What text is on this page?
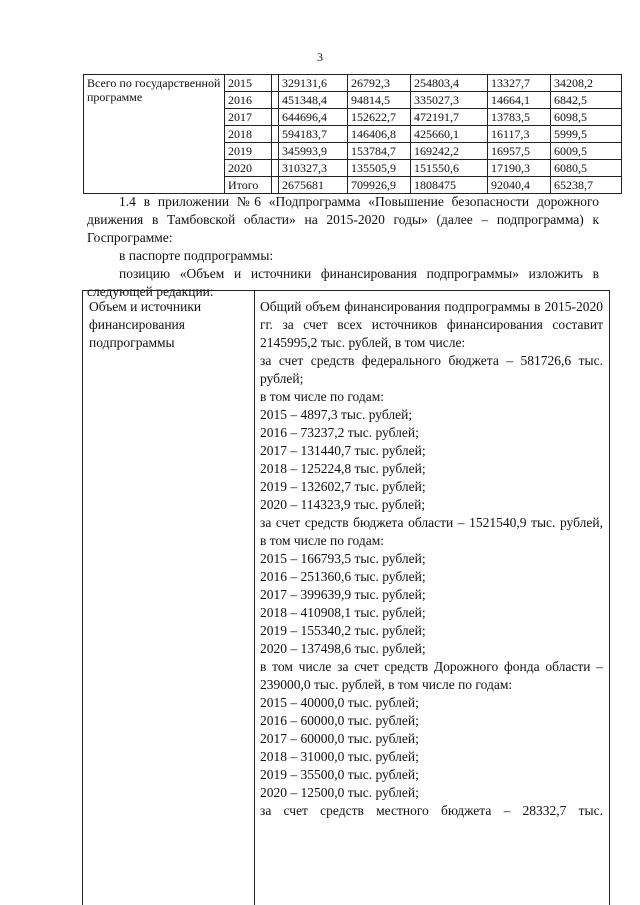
3
Всего по государственной программе	2015		329131,6	26792,3	254803,4	13327,7	34208,2
	2016		451348,4	94814,5	335027,3	14664,1	6842,5
	2017		644696,4	152622,7	472191,7	13783,5	6098,5
	2018		594183,7	146406,8	425660,1	16117,3	5999,5
	2019		345993,9	153784,7	169242,2	16957,5	6009,5
	2020		310327,3	135505,9	151550,6	17190,3	6080,5
	Итого		2675681	709926,9	1808475	92040,4	65238,7
1.4 в приложении №6 «Подпрограмма «Повышение безопасности дорожного движения в Тамбовской области» на 2015-2020 годы» (далее – подпрограмма) к Госпрограмме:
в паспорте подпрограммы:
позицию «Объем и источники финансирования подпрограммы» изложить в следующей редакции:
Объем и источники финансирования подпрограммы
Общий объем финансирования подпрограммы в 2015-2020 гг. за счет всех источников финансирования составит 2145995,2 тыс. рублей, в том числе:
за счет средств федерального бюджета – 581726,6 тыс. рублей;
в том числе по годам:
2015 – 4897,3 тыс. рублей;
2016 – 73237,2 тыс. рублей;
2017 – 131440,7 тыс. рублей;
2018 – 125224,8 тыс. рублей;
2019 – 132602,7 тыс. рублей;
2020 – 114323,9 тыс. рублей;
за счет средств бюджета области – 1521540,9 тыс. рублей, в том числе по годам:
2015 – 166793,5 тыс. рублей;
2016 – 251360,6 тыс. рублей;
2017 – 399639,9 тыс. рублей;
2018 – 410908,1 тыс. рублей;
2019 – 155340,2 тыс. рублей;
2020 – 137498,6 тыс. рублей;
в том числе за счет средств Дорожного фонда области – 239000,0 тыс. рублей, в том числе по годам:
2015 – 40000,0 тыс. рублей;
2016 – 60000,0 тыс. рублей;
2017 – 60000,0 тыс. рублей;
2018 – 31000,0 тыс. рублей;
2019 – 35500,0 тыс. рублей;
2020 – 12500,0 тыс. рублей;
за счет средств местного бюджета – 28332,7 тыс.
